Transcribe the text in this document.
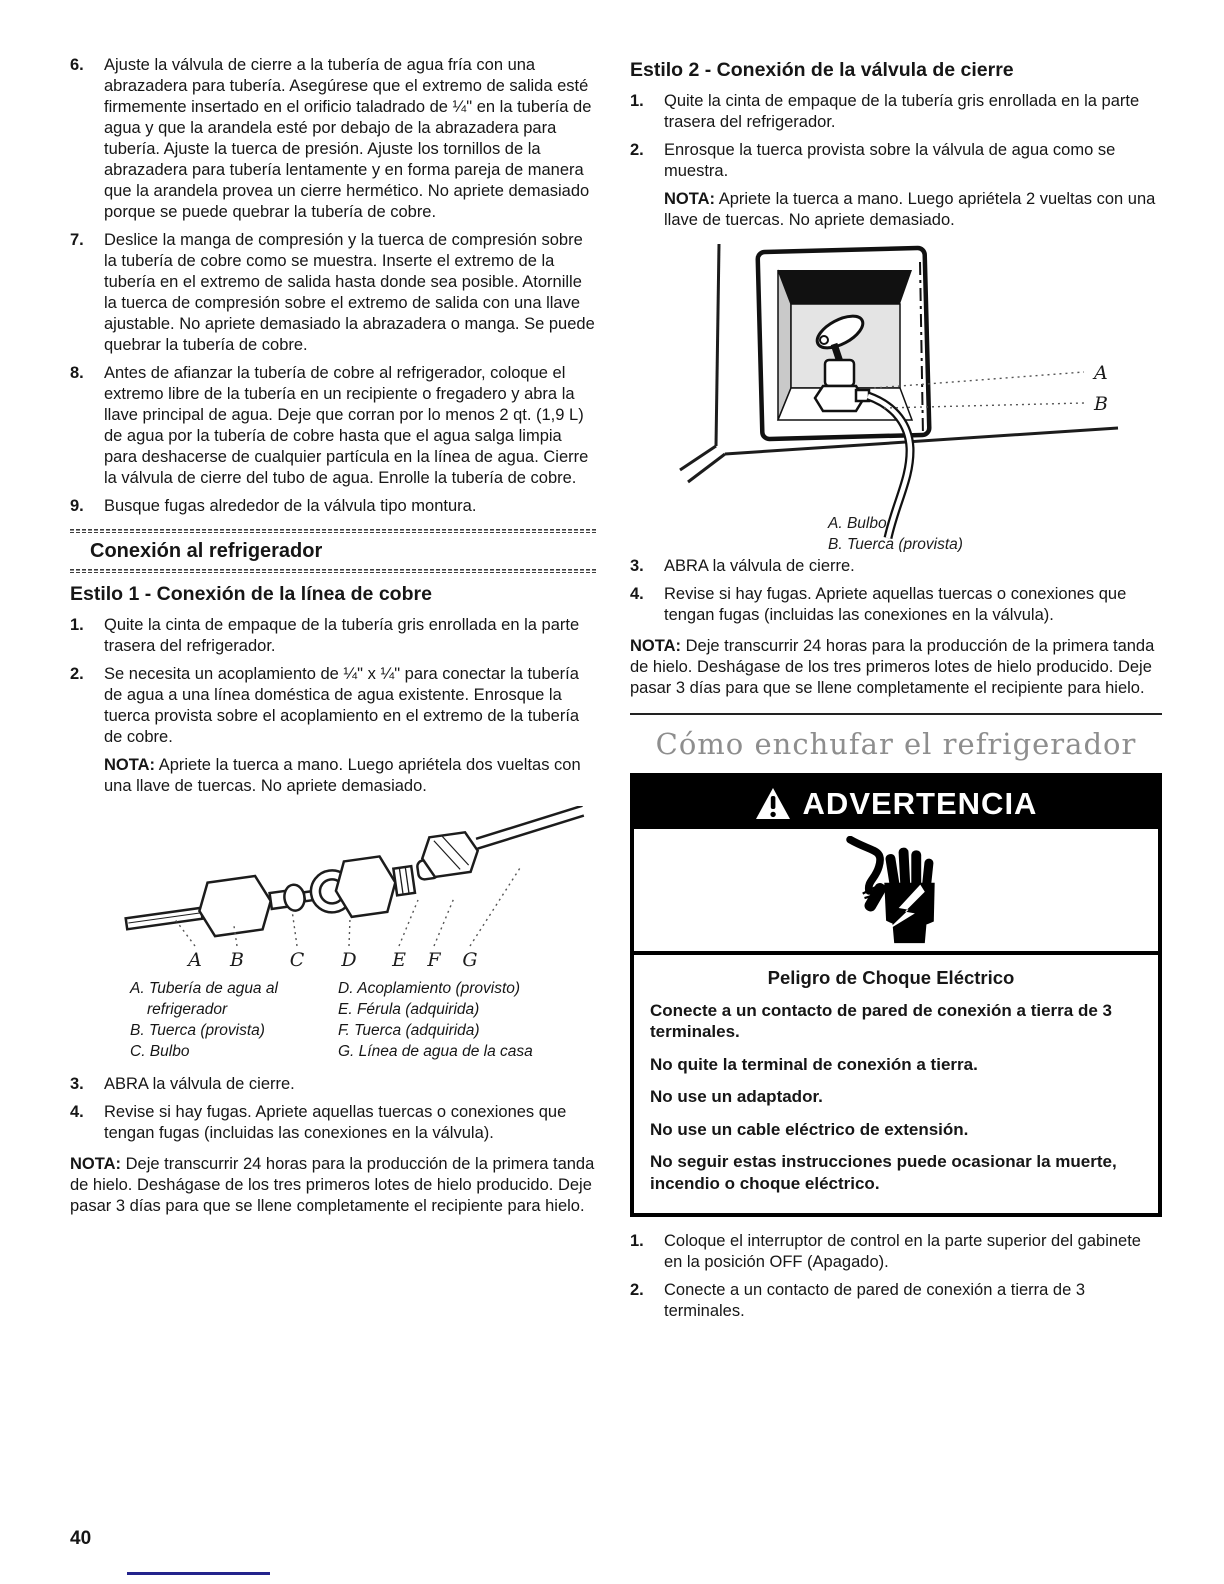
6.	Ajuste la válvula de cierre a la tubería de agua fría con una abrazadera para tubería. Asegúrese que el extremo de salida esté firmemente insertado en el orificio taladrado de ¼" en la tubería de agua y que la arandela esté por debajo de la abrazadera para tubería. Ajuste la tuerca de presión. Ajuste los tornillos de la abrazadera para tubería lentamente y en forma pareja de manera que la arandela provea un cierre hermético. No apriete demasiado porque se puede quebrar la tubería de cobre.
7.	Deslice la manga de compresión y la tuerca de compresión sobre la tubería de cobre como se muestra. Inserte el extremo de la tubería en el extremo de salida hasta donde sea posible. Atornille la tuerca de compresión sobre el extremo de salida con una llave ajustable. No apriete demasiado la abrazadera o manga. Se puede quebrar la tubería de cobre.
8.	Antes de afianzar la tubería de cobre al refrigerador, coloque el extremo libre de la tubería en un recipiente o fregadero y abra la llave principal de agua. Deje que corran por lo menos 2 qt. (1,9 L) de agua por la tubería de cobre hasta que el agua salga limpia para deshacerse de cualquier partícula en la línea de agua. Cierre la válvula de cierre del tubo de agua. Enrolle la tubería de cobre.
9.	Busque fugas alrededor de la válvula tipo montura.
Conexión al refrigerador
Estilo 1 - Conexión de la línea de cobre
1.	Quite la cinta de empaque de la tubería gris enrollada en la parte trasera del refrigerador.
2.	Se necesita un acoplamiento de ¼" x ¼" para conectar la tubería de agua a una línea doméstica de agua existente. Enrosque la tuerca provista sobre el acoplamiento en el extremo de la tubería de cobre.

NOTA: Apriete la tuerca a mano. Luego apriétela dos vueltas con una llave de tuercas. No apriete demasiado.

A B C D E F G
A. Tubería de agua al refrigerador
B. Tuerca (provista)
C. Bulbo
D. Acoplamiento (provisto)
E. Férula (adquirida)
F. Tuerca (adquirida)
G. Línea de agua de la casa
3.	ABRA la válvula de cierre.
4.	Revise si hay fugas. Apriete aquellas tuercas o conexiones que tengan fugas (incluidas las conexiones en la válvula).

NOTA: Deje transcurrir 24 horas para la producción de la primera tanda de hielo. Deshágase de los tres primeros lotes de hielo producido. Deje pasar 3 días para que se llene completamente el recipiente para hielo.

Estilo 2 - Conexión de la válvula de cierre
1.	Quite la cinta de empaque de la tubería gris enrollada en la parte trasera del refrigerador.
2.	Enrosque la tuerca provista sobre la válvula de agua como se muestra.

NOTA: Apriete la tuerca a mano. Luego apriétela 2 vueltas con una llave de tuercas. No apriete demasiado.

A
B
A. Bulbo
B. Tuerca (provista)
3.	ABRA la válvula de cierre.
4.	Revise si hay fugas. Apriete aquellas tuercas o conexiones que tengan fugas (incluidas las conexiones en la válvula).

NOTA: Deje transcurrir 24 horas para la producción de la primera tanda de hielo. Deshágase de los tres primeros lotes de hielo producido. Deje pasar 3 días para que se llene completamente el recipiente para hielo.

Cómo enchufar el refrigerador
ADVERTENCIA
Peligro de Choque Eléctrico
Conecte a un contacto de pared de conexión a tierra de 3 terminales.
No quite la terminal de conexión a tierra.
No use un adaptador.
No use un cable eléctrico de extensión.
No seguir estas instrucciones puede ocasionar la muerte, incendio o choque eléctrico.
1.	Coloque el interruptor de control en la parte superior del gabinete en la posición OFF (Apagado).
2.	Conecte a un contacto de pared de conexión a tierra de 3 terminales.
40
